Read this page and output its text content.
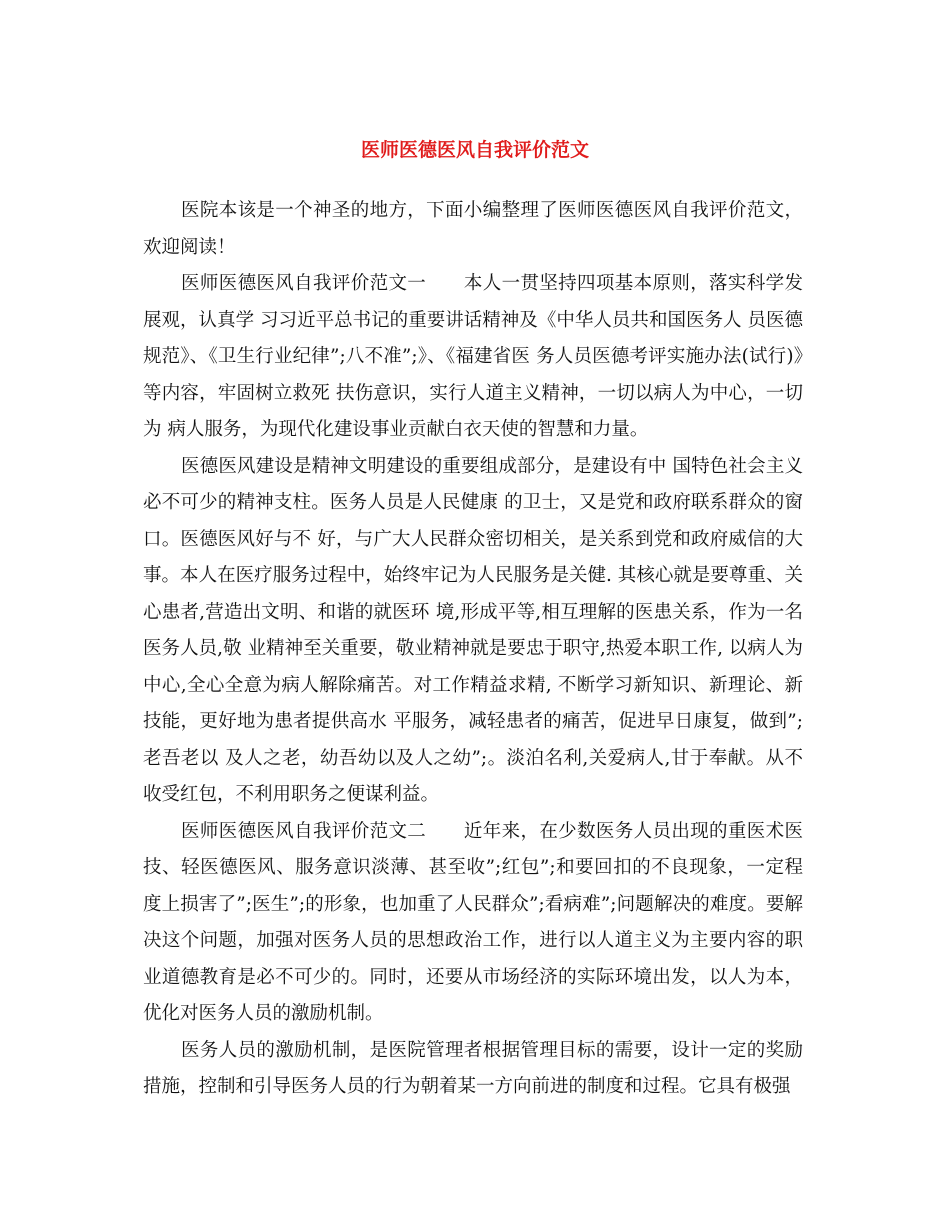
医师医德医风自我评价范文

医院本该是一个神圣的地方，下面小编整理了医师医德医风自我评价范文，欢迎阅读！

医师医德医风自我评价范文一　　本人一贯坚持四项基本原则，落实科学发展观，认真学 习习近平总书记的重要讲话精神及《中华人员共和国医务人 员医德规范》、《卫生行业纪律”;八不准”;》、《福建省医 务人员医德考评实施办法(试行)》等内容，牢固树立救死 扶伤意识，实行人道主义精神，一切以病人为中心，一切为 病人服务，为现代化建设事业贡献白衣天使的智慧和力量。

医德医风建设是精神文明建设的重要组成部分，是建设有中 国特色社会主义必不可少的精神支柱。医务人员是人民健康 的卫士，又是党和政府联系群众的窗口。医德医风好与不 好，与广大人民群众密切相关，是关系到党和政府威信的大事。本人在医疗服务过程中，始终牢记为人民服务是关健. 其核心就是要尊重、关心患者,营造出文明、和谐的就医环 境,形成平等,相互理解的医患关系，作为一名医务人员,敬 业精神至关重要，敬业精神就是要忠于职守,热爱本职工作, 以病人为中心,全心全意为病人解除痛苦。对工作精益求精, 不断学习新知识、新理论、新技能，更好地为患者提供高水 平服务，减轻患者的痛苦，促进早日康复，做到”;老吾老以 及人之老，幼吾幼以及人之幼”;。淡泊名利,关爱病人,甘于奉献。从不收受红包，不利用职务之便谋利益。

医师医德医风自我评价范文二　　近年来，在少数医务人员出现的重医术医技、轻医德医风、服务意识淡薄、甚至收”;红包”;和要回扣的不良现象，一定程度上损害了”;医生”;的形象，也加重了人民群众”;看病难”;问题解决的难度。要解决这个问题，加强对医务人员的思想政治工作，进行以人道主义为主要内容的职业道德教育是必不可少的。同时，还要从市场经济的实际环境出发，以人为本，优化对医务人员的激励机制。

医务人员的激励机制，是医院管理者根据管理目标的需要，设计一定的奖励措施，控制和引导医务人员的行为朝着某一方向前进的制度和过程。它具有极强
